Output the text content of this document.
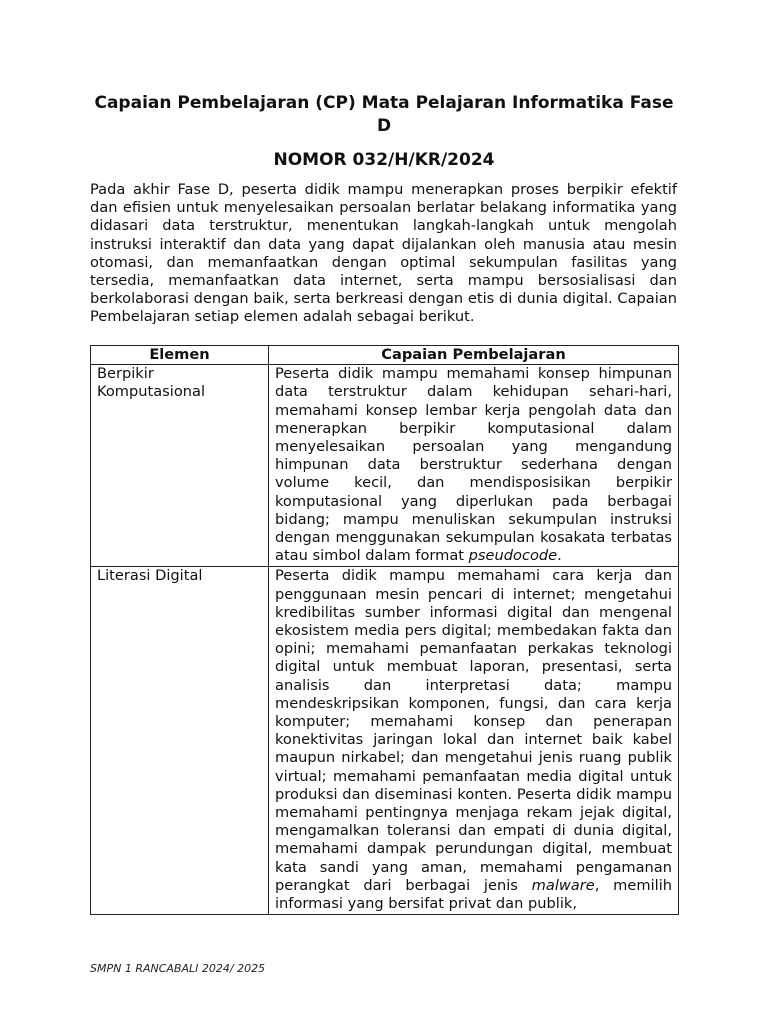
Capaian Pembelajaran (CP) Mata Pelajaran Informatika Fase D
NOMOR 032/H/KR/2024

Pada akhir Fase D, peserta didik mampu menerapkan proses berpikir efektif dan efisien untuk menyelesaikan persoalan berlatar belakang informatika yang didasari data terstruktur, menentukan langkah-langkah untuk mengolah instruksi interaktif dan data yang dapat dijalankan oleh manusia atau mesin otomasi, dan memanfaatkan dengan optimal sekumpulan fasilitas yang tersedia, memanfaatkan data internet, serta mampu bersosialisasi dan berkolaborasi dengan baik, serta berkreasi dengan etis di dunia digital. Capaian Pembelajaran setiap elemen adalah sebagai berikut.

Elemen	Capaian Pembelajaran
Berpikir Komputasional	Peserta didik mampu memahami konsep himpunan data terstruktur dalam kehidupan sehari-hari, memahami konsep lembar kerja pengolah data dan menerapkan berpikir komputasional dalam menyelesaikan persoalan yang mengandung himpunan data berstruktur sederhana dengan volume kecil, dan mendisposisikan berpikir komputasional yang diperlukan pada berbagai bidang; mampu menuliskan sekumpulan instruksi dengan menggunakan sekumpulan kosakata terbatas atau simbol dalam format pseudocode.
Literasi Digital	Peserta didik mampu memahami cara kerja dan penggunaan mesin pencari di internet; mengetahui kredibilitas sumber informasi digital dan mengenal ekosistem media pers digital; membedakan fakta dan opini; memahami pemanfaatan perkakas teknologi digital untuk membuat laporan, presentasi, serta analisis dan interpretasi data; mampu mendeskripsikan komponen, fungsi, dan cara kerja komputer; memahami konsep dan penerapan konektivitas jaringan lokal dan internet baik kabel maupun nirkabel; dan mengetahui jenis ruang publik virtual; memahami pemanfaatan media digital untuk produksi dan diseminasi konten. Peserta didik mampu memahami pentingnya menjaga rekam jejak digital, mengamalkan toleransi dan empati di dunia digital, memahami dampak perundungan digital, membuat kata sandi yang aman, memahami pengamanan perangkat dari berbagai jenis malware, memilih informasi yang bersifat privat dan publik,

SMPN 1 RANCABALI 2024/ 2025
